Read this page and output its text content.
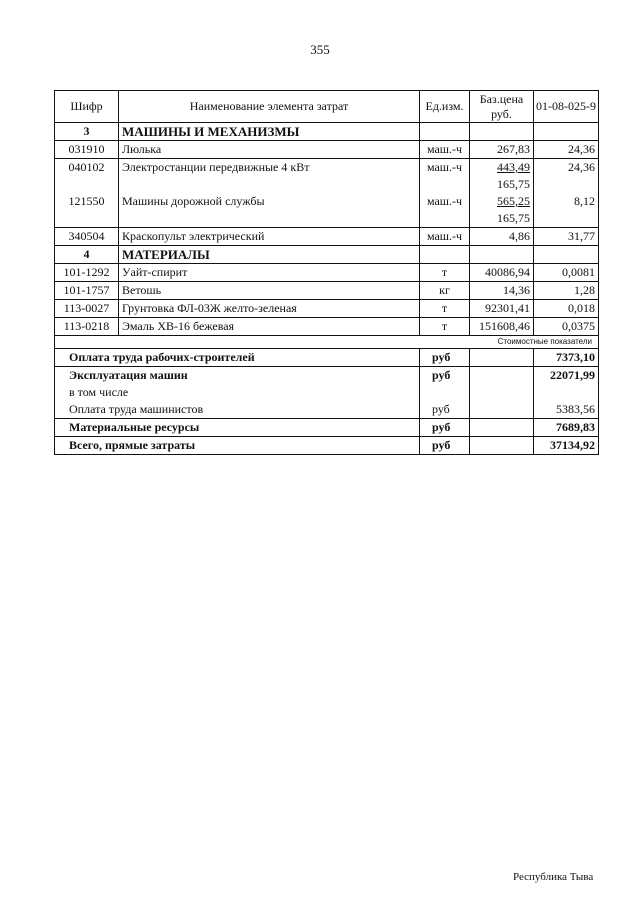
355
Шифр	Наименование элемента затрат	Ед.изм.	Баз.цена руб.	01-08-025-9
3	МАШИНЫ И МЕХАНИЗМЫ			
031910	Люлька	маш.-ч	267,83	24,36
040102	Электростанции передвижные 4 кВт	маш.-ч	443,49	24,36
			165,75	
121550	Машины дорожной службы	маш.-ч	565,25	8,12
			165,75	
340504	Краскопульт электрический	маш.-ч	4,86	31,77
4	МАТЕРИАЛЫ			
101-1292	Уайт-спирит	т	40086,94	0,0081
101-1757	Ветошь	кг	14,36	1,28
113-0027	Грунтовка ФЛ-03Ж желто-зеленая	т	92301,41	0,018
113-0218	Эмаль ХВ-16 бежевая	т	151608,46	0,0375
Стоимостные показатели				
Оплата труда рабочих-строителей		руб		7373,10
Эксплуатация машин		руб		22071,99
в том числе				
Оплата труда машинистов		руб		5383,56
Материальные ресурсы		руб		7689,83
Всего, прямые затраты		руб		37134,92
Республика Тыва
